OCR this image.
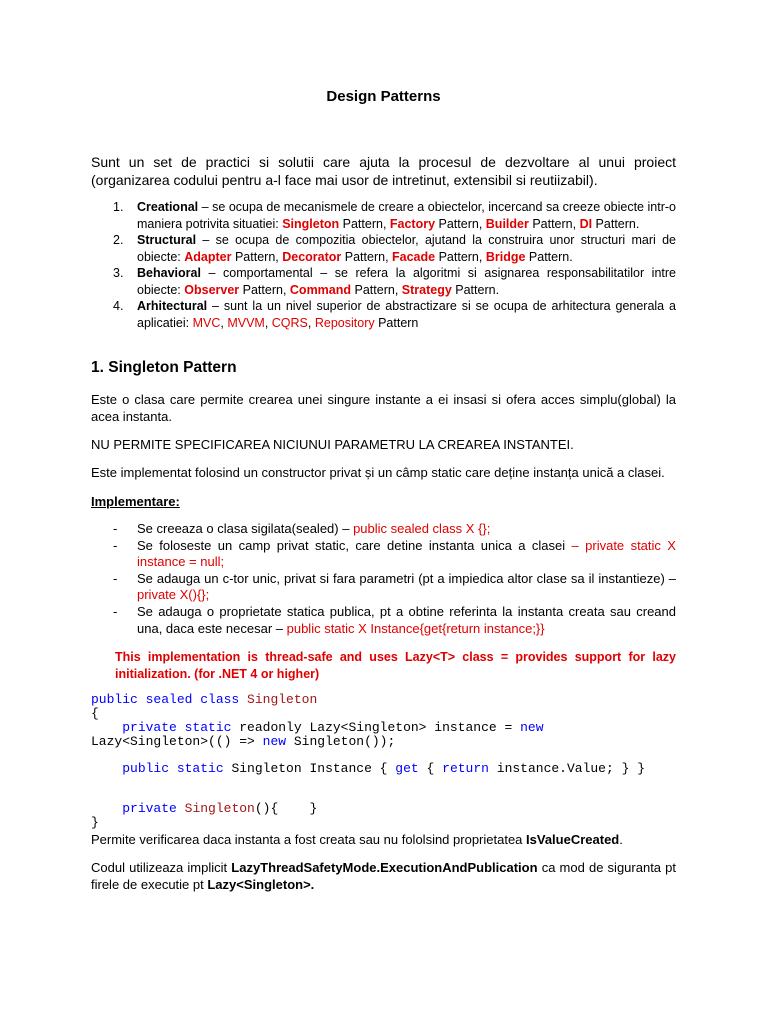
Design Patterns
Sunt un set de practici si solutii care ajuta la procesul de dezvoltare al unui proiect (organizarea codului pentru a-l face mai usor de intretinut, extensibil si reutiizabil).
1. Creational – se ocupa de mecanismele de creare a obiectelor, incercand sa creeze obiecte intr-o maniera potrivita situatiei: Singleton Pattern, Factory Pattern, Builder Pattern, DI Pattern.
2. Structural – se ocupa de compozitia obiectelor, ajutand la construira unor structuri mari de obiecte: Adapter Pattern, Decorator Pattern, Facade Pattern, Bridge Pattern.
3. Behavioral – comportamental – se refera la algoritmi si asignarea responsabilitatilor intre obiecte: Observer Pattern, Command Pattern, Strategy Pattern.
4. Arhitectural – sunt la un nivel superior de abstractizare si se ocupa de arhitectura generala a aplicatiei: MVC, MVVM, CQRS, Repository Pattern
1. Singleton Pattern
Este o clasa care permite crearea unei singure instante a ei insasi si ofera acces simplu(global) la acea instanta.
NU PERMITE SPECIFICAREA NICIUNUI PARAMETRU LA CREAREA INSTANTEI.
Este implementat folosind un constructor privat și un câmp static care deține instanța unică a clasei.
Implementare:
- Se creeaza o clasa sigilata(sealed) – public sealed class X {};
- Se foloseste un camp privat static, care detine instanta unica a clasei – private static X instance = null;
- Se adauga un c-tor unic, privat si fara parametri (pt a impiedica altor clase sa il instantieze) – private X(){};
- Se adauga o proprietate statica publica, pt a obtine referinta la instanta creata sau creand una, daca este necesar – public static X Instance{get{return instance;}}
This implementation is thread-safe and uses Lazy<T> class = provides support for lazy initialization. (for .NET 4 or higher)
public sealed class Singleton
{
private static readonly Lazy<Singleton> instance = new
Lazy<Singleton>(() => new Singleton());
public static Singleton Instance { get { return instance.Value; } }
private Singleton(){    }
}
Permite verificarea daca instanta a fost creata sau nu fololsind proprietatea IsValueCreated.
Codul utilizeaza implicit LazyThreadSafetyMode.ExecutionAndPublication ca mod de siguranta pt firele de executie pt Lazy<Singleton>.
